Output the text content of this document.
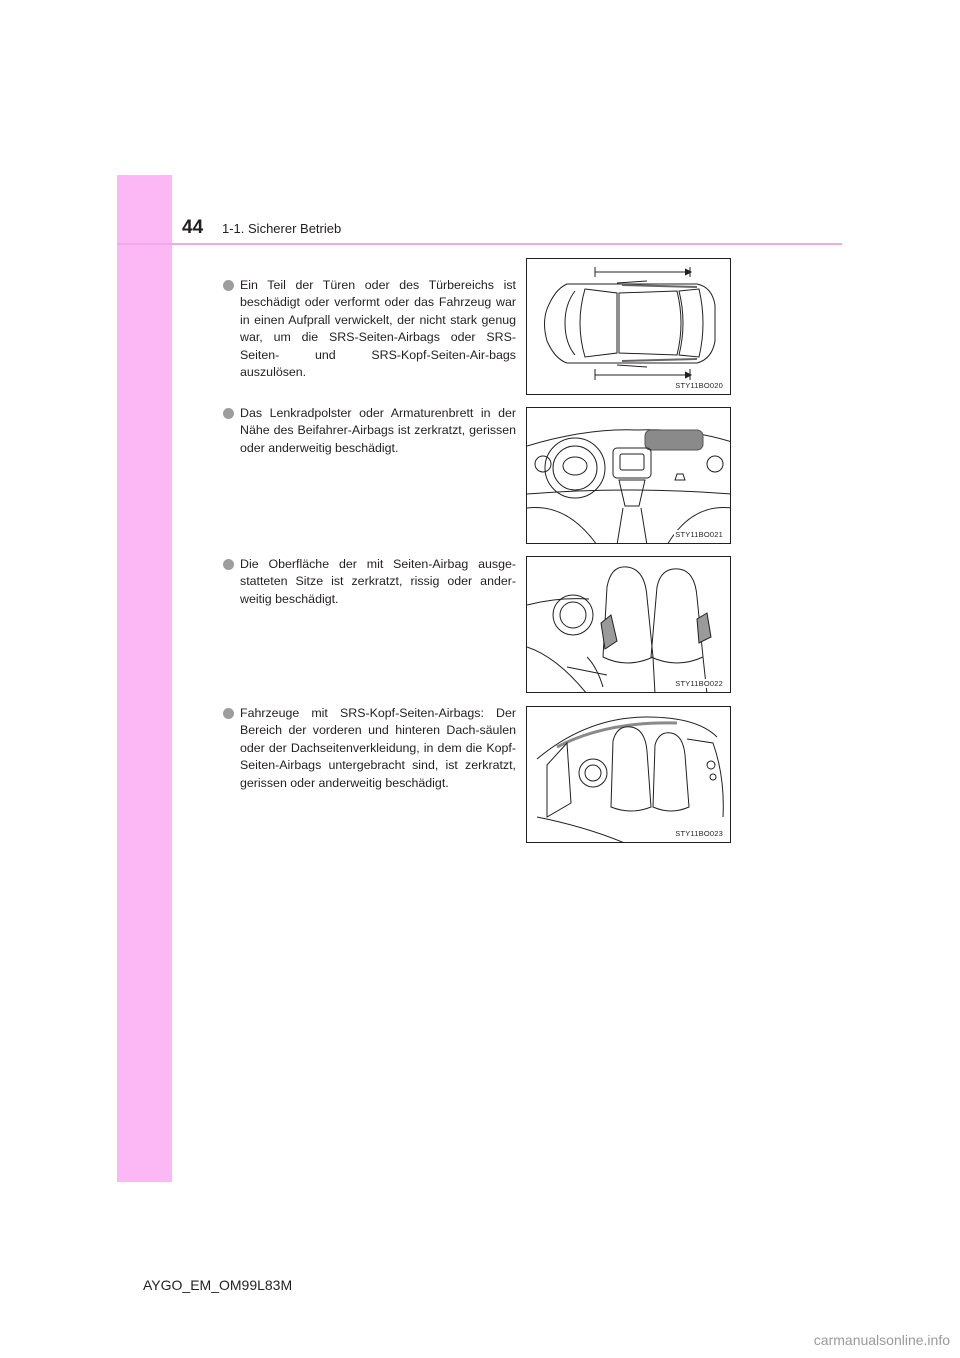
44 1-1. Sicherer Betrieb
Ein Teil der Türen oder des Türbereichs ist beschädigt oder verformt oder das Fahrzeug war in einen Aufprall verwickelt, der nicht stark genug war, um die SRS-Seiten-Airbags oder SRS-Seiten- und SRS-Kopf-Seiten-Air-bags auszulösen.
STY11BO020
Das Lenkradpolster oder Armaturenbrett in der Nähe des Beifahrer-Airbags ist zerkratzt, gerissen oder anderweitig beschädigt.
STY11BO021
Die Oberfläche der mit Seiten-Airbag ausge-statteten Sitze ist zerkratzt, rissig oder ander-weitig beschädigt.
STY11BO022
Fahrzeuge mit SRS-Kopf-Seiten-Airbags: Der Bereich der vorderen und hinteren Dach-säulen oder der Dachseitenverkleidung, in dem die Kopf-Seiten-Airbags untergebracht sind, ist zerkratzt, gerissen oder anderweitig beschädigt.
STY11BO023
AYGO_EM_OM99L83M
carmanualsonline.info
